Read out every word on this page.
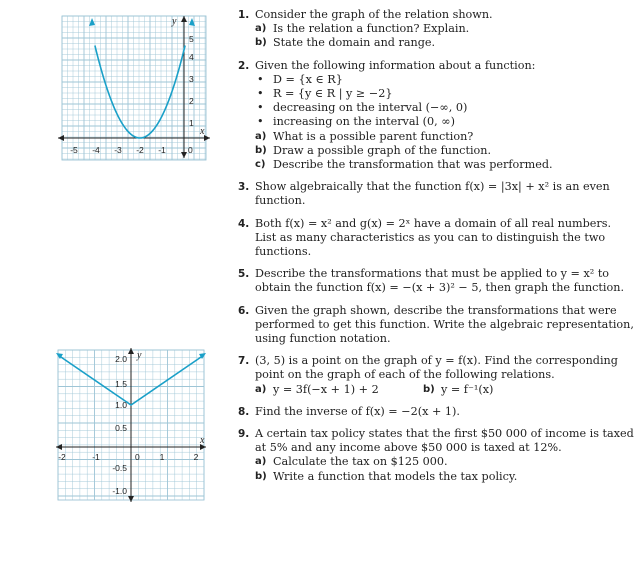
-5 -4 -3 -2 -1	0
5
4
3
2
1
x
y
-2	-1	0 1	2
2.0
1.5
1.0
0.5
-0.5
-1.0
x
y
1. Consider the graph of the relation shown.
a) Is the relation a function? Explain.
b) State the domain and range.
2. Given the following information about a function:
• D = {x ∈ R}
• R = {y ∈ R | y ≥ −2}
• decreasing on the interval (−∞, 0)
• increasing on the interval (0, ∞)
a) What is a possible parent function?
b) Draw a possible graph of the function.
c) Describe the transformation that was performed.
3. Show algebraically that the function f(x) = |3x| + x² is an even function.
4. Both f(x) = x² and g(x) = 2ˣ have a domain of all real numbers. List as many characteristics as you can to distinguish the two functions.
5. Describe the transformations that must be applied to y = x² to obtain the function f(x) = −(x + 3)² − 5, then graph the function.
6. Given the graph shown, describe the transformations that were performed to get this function. Write the algebraic representation, using function notation.
7. (3, 5) is a point on the graph of y = f(x). Find the corresponding point on the graph of each of the following relations.
a) y = 3f(−x + 1) + 2	b) y = f⁻¹(x)
8. Find the inverse of f(x) = −2(x + 1).
9. A certain tax policy states that the first $50 000 of income is taxed at 5% and any income above $50 000 is taxed at 12%.
a) Calculate the tax on $125 000.
b) Write a function that models the tax policy.
